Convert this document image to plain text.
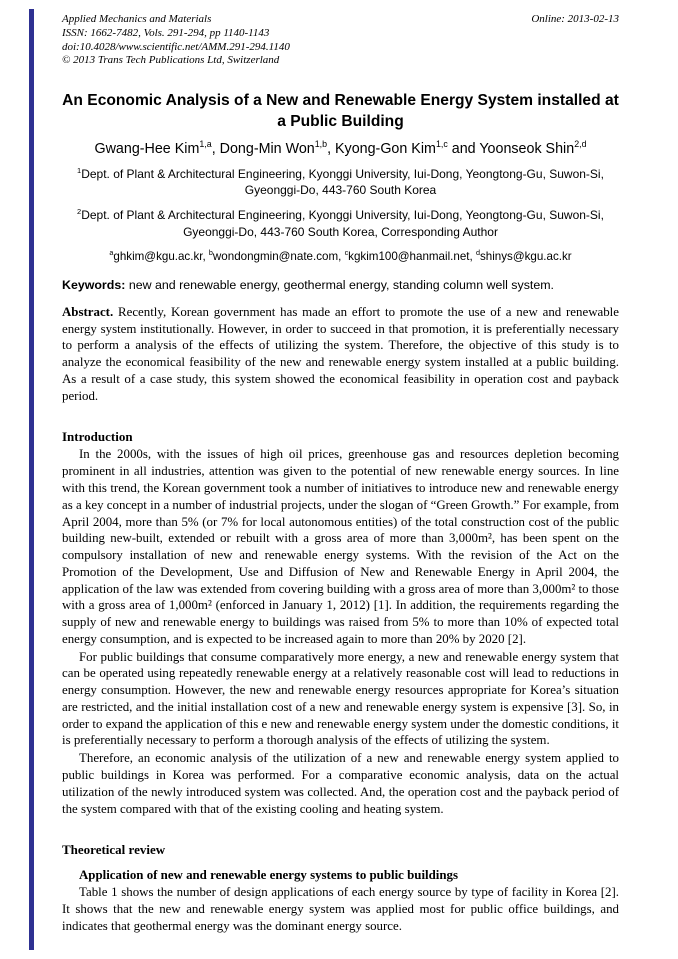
Applied Mechanics and Materials	Online: 2013-02-13
ISSN: 1662-7482, Vols. 291-294, pp 1140-1143
doi:10.4028/www.scientific.net/AMM.291-294.1140
© 2013 Trans Tech Publications Ltd, Switzerland
An Economic Analysis of a New and Renewable Energy System installed at a Public Building
Gwang-Hee Kim$^{1,a}$, Dong-Min Won$^{1,b}$, Kyong-Gon Kim$^{1,c}$ and Yoonseok Shin$^{2,d}$
$^1$Dept. of Plant & Architectural Engineering, Kyonggi University, Iui-Dong, Yeongtong-Gu, Suwon-Si, Gyeonggi-Do, 443-760 South Korea
$^2$Dept. of Plant & Architectural Engineering, Kyonggi University, Iui-Dong, Yeongtong-Gu, Suwon-Si, Gyeonggi-Do, 443-760 South Korea, Corresponding Author
$^a$ghkim@kgu.ac.kr, $^b$wondongmin@nate.com, $^c$kgkim100@hanmail.net, $^d$shinys@kgu.ac.kr
Keywords: new and renewable energy, geothermal energy, standing column well system.
Abstract. Recently, Korean government has made an effort to promote the use of a new and renewable energy system institutionally. However, in order to succeed in that promotion, it is preferentially necessary to perform a analysis of the effects of utilizing the system. Therefore, the objective of this study is to analyze the economical feasibility of the new and renewable energy system installed at a public building. As a result of a case study, this system showed the economical feasibility in operation cost and payback period.
Introduction

In the 2000s, with the issues of high oil prices, greenhouse gas and resources depletion becoming prominent in all industries, attention was given to the potential of new renewable energy sources. In line with this trend, the Korean government took a number of initiatives to introduce new and renewable energy as a key concept in a number of industrial projects, under the slogan of “Green Growth.” For example, from April 2004, more than 5% (or 7% for local autonomous entities) of the total construction cost of the public building new-built, extended or rebuilt with a gross area of more than 3,000m², has been spent on the compulsory installation of new and renewable energy systems. With the revision of the Act on the Promotion of the Development, Use and Diffusion of New and Renewable Energy in April 2004, the application of the law was extended from covering building with a gross area of more than 3,000m² to those with a gross area of 1,000m² (enforced in January 1, 2012) [1]. In addition, the requirements regarding the supply of new and renewable energy to buildings was raised from 5% to more than 10% of expected total energy consumption, and is expected to be increased again to more than 20% by 2020 [2].

For public buildings that consume comparatively more energy, a new and renewable energy system that can be operated using repeatedly renewable energy at a relatively reasonable cost will lead to reductions in energy consumption. However, the new and renewable energy resources appropriate for Korea’s situation are restricted, and the initial installation cost of a new and renewable energy system is expensive [3]. So, in order to expand the application of this e new and renewable energy system under the domestic conditions, it is preferentially necessary to perform a thorough analysis of the effects of utilizing the system.

Therefore, an economic analysis of the utilization of a new and renewable energy system applied to public buildings in Korea was performed. For a comparative economic analysis, data on the actual utilization of the newly introduced system was collected. And, the operation cost and the payback period of the system compared with that of the existing cooling and heating system.

Theoretical review
Application of new and renewable energy systems to public buildings

Table 1 shows the number of design applications of each energy source by type of facility in Korea [2]. It shows that the new and renewable energy system was applied most for public office buildings, and indicates that geothermal energy was the dominant energy source.
